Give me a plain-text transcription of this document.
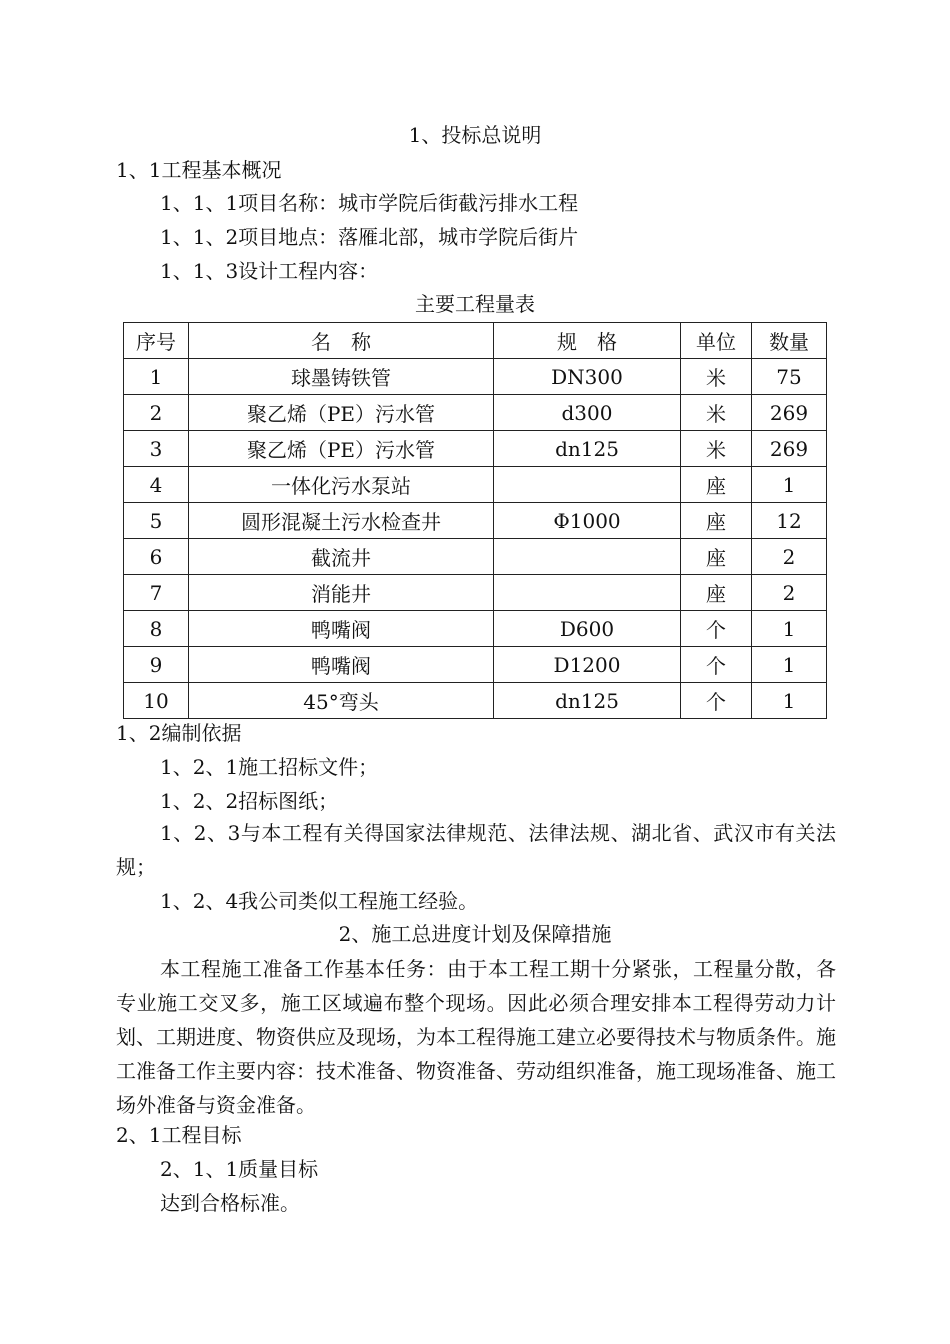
1、投标总说明
1、1工程基本概况
1、1、1项目名称：城市学院后街截污排水工程
1、1、2项目地点：落雁北部，城市学院后街片
1、1、3设计工程内容：
主要工程量表
序号	名　称	规　格	单位	数量
1	球墨铸铁管	DN300	米	75
2	聚乙烯（PE）污水管	d300	米	269
3	聚乙烯（PE）污水管	dn125	米	269
4	一体化污水泵站		座	1
5	圆形混凝土污水检查井	Φ1000	座	12
6	截流井		座	2
7	消能井		座	2
8	鸭嘴阀	D600	个	1
9	鸭嘴阀	D1200	个	1
10	45°弯头	dn125	个	1
1、2编制依据
1、2、1施工招标文件；
1、2、2招标图纸；
1、2、3与本工程有关得国家法律规范、法律法规、湖北省、武汉市有关法规；
1、2、4我公司类似工程施工经验。
2、施工总进度计划及保障措施
本工程施工准备工作基本任务：由于本工程工期十分紧张，工程量分散，各专业施工交叉多，施工区域遍布整个现场。因此必须合理安排本工程得劳动力计划、工期进度、物资供应及现场，为本工程得施工建立必要得技术与物质条件。施工准备工作主要内容：技术准备、物资准备、劳动组织准备，施工现场准备、施工场外准备与资金准备。
2、1工程目标
2、1、1质量目标
达到合格标准。
